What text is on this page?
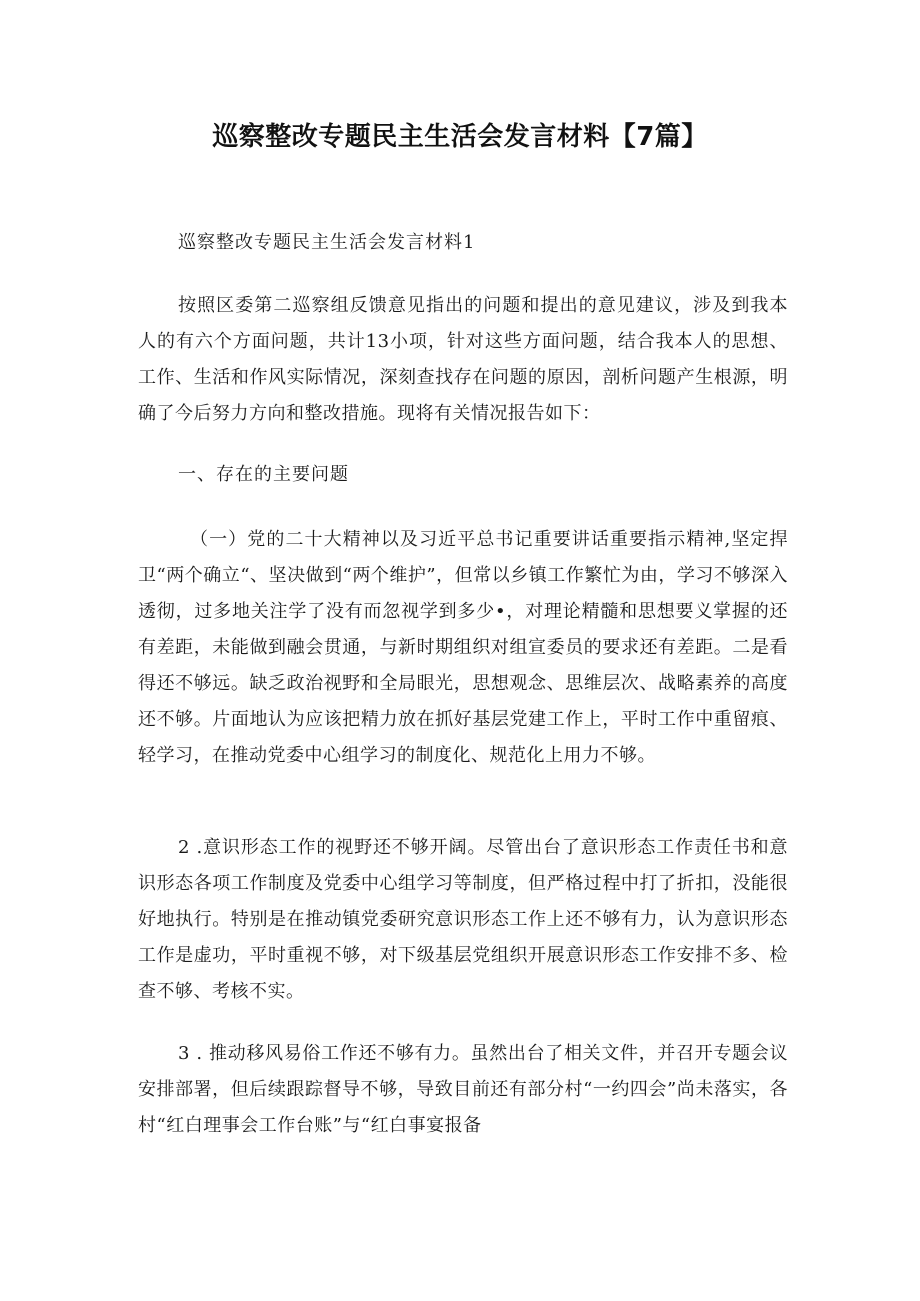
巡察整改专题民主生活会发言材料【7篇】

巡察整改专题民主生活会发言材料1

按照区委第二巡察组反馈意见指出的问题和提出的意见建议，涉及到我本人的有六个方面问题，共计13小项，针对这些方面问题，结合我本人的思想、工作、生活和作风实际情况，深刻查找存在问题的原因，剖析问题产生根源，明确了今后努力方向和整改措施。现将有关情况报告如下：

一、存在的主要问题

（一）党的二十大精神以及习近平总书记重要讲话重要指示精神,坚定捍卫“两个确立“、坚决做到“两个维护”，但常以乡镇工作繁忙为由，学习不够深入透彻，过多地关注学了没有而忽视学到多少•，对理论精髓和思想要义掌握的还有差距，未能做到融会贯通，与新时期组织对组宣委员的要求还有差距。二是看得还不够远。缺乏政治视野和全局眼光，思想观念、思维层次、战略素养的高度还不够。片面地认为应该把精力放在抓好基层党建工作上，平时工作中重留痕、轻学习，在推动党委中心组学习的制度化、规范化上用力不够。

2 .意识形态工作的视野还不够开阔。尽管出台了意识形态工作责任书和意识形态各项工作制度及党委中心组学习等制度，但严格过程中打了折扣，没能很好地执行。特别是在推动镇党委研究意识形态工作上还不够有力，认为意识形态工作是虚功，平时重视不够，对下级基层党组织开展意识形态工作安排不多、检查不够、考核不实。

3 . 推动移风易俗工作还不够有力。虽然出台了相关文件，并召开专题会议安排部署，但后续跟踪督导不够，导致目前还有部分村“一约四会”尚未落实，各村“红白理事会工作台账”与“红白事宴报备
